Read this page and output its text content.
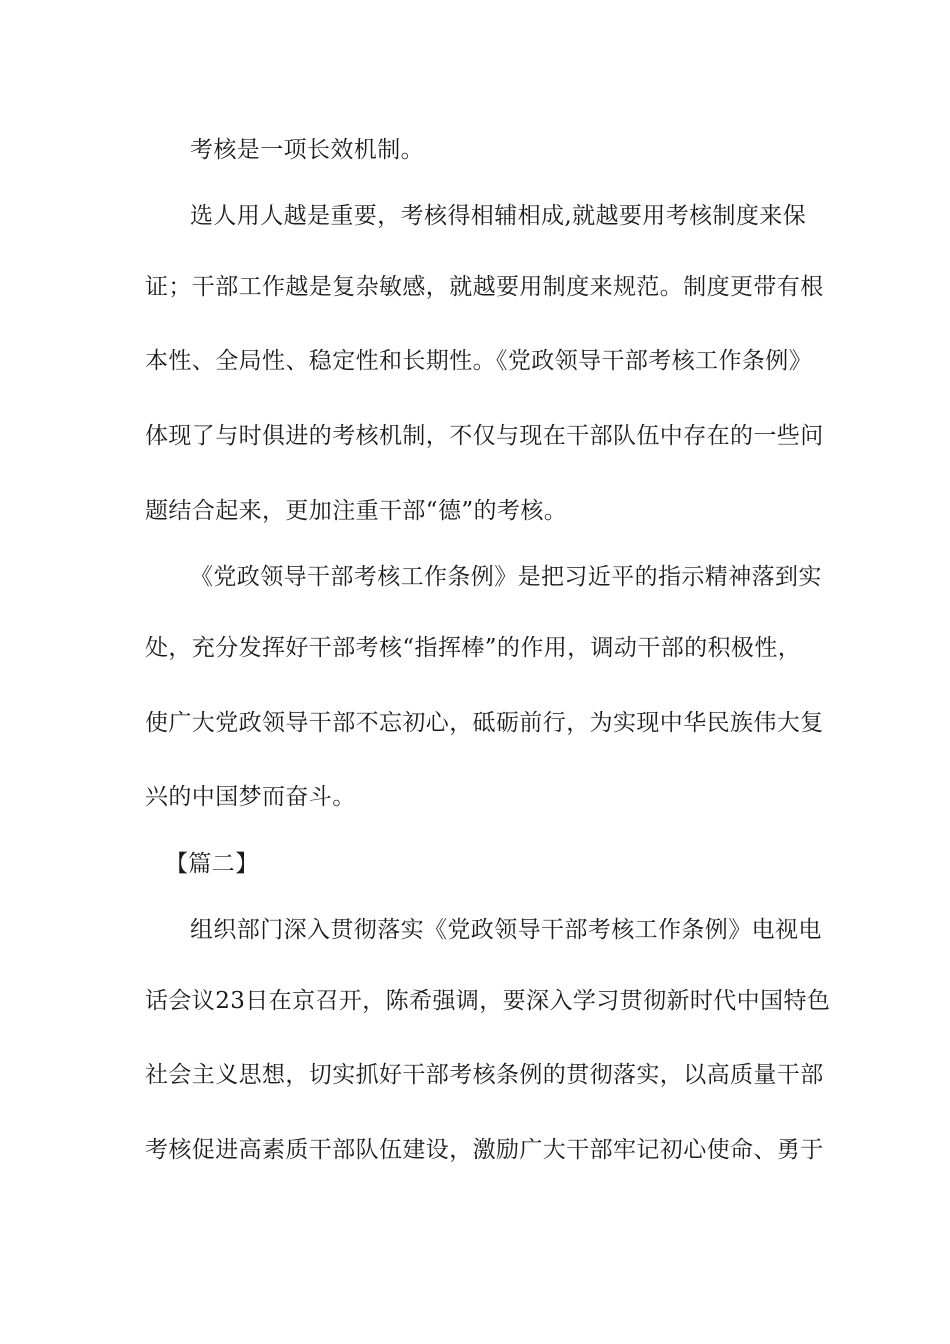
考核是一项长效机制。
选人用人越是重要，考核得相辅相成,就越要用考核制度来保
证；干部工作越是复杂敏感，就越要用制度来规范。制度更带有根
本性、全局性、稳定性和长期性。《党政领导干部考核工作条例》
体现了与时俱进的考核机制，不仅与现在干部队伍中存在的一些问
题结合起来，更加注重干部“德”的考核。
《党政领导干部考核工作条例》是把习近平的指示精神落到实
处，充分发挥好干部考核“指挥棒”的作用，调动干部的积极性，
使广大党政领导干部不忘初心，砥砺前行，为实现中华民族伟大复
兴的中国梦而奋斗。
【篇二】
组织部门深入贯彻落实《党政领导干部考核工作条例》电视电
话会议23日在京召开，陈希强调，要深入学习贯彻新时代中国特色
社会主义思想，切实抓好干部考核条例的贯彻落实，以高质量干部
考核促进高素质干部队伍建设，激励广大干部牢记初心使命、勇于
